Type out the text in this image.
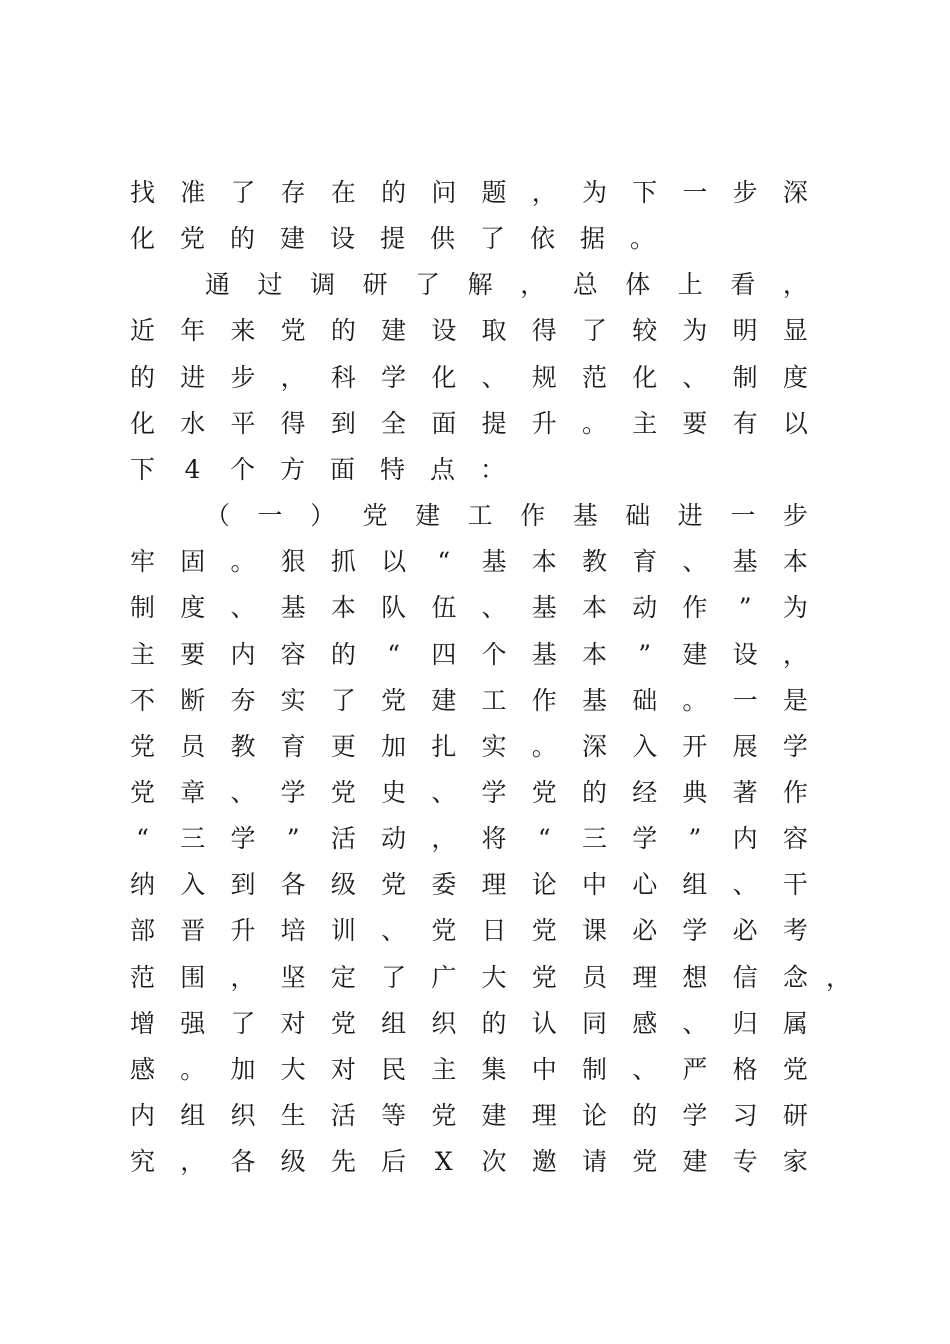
找 准 了 存 在 的 问 题 ， 为 下 一 步 深
化 党 的 建 设 提 供 了 依 据 。
通 过 调 研 了 解 ， 总 体 上 看 ，
近 年 来 党 的 建 设 取 得 了 较 为 明 显
的 进 步 ， 科 学 化 、 规 范 化 、 制 度
化 水 平 得 到 全 面 提 升 。 主 要 有 以
下 4 个 方 面 特 点 ：
（ 一 ） 党 建 工 作 基 础 进 一 步
牢 固 。 狠 抓 以 “ 基 本 教 育 、 基 本
制 度 、 基 本 队 伍 、 基 本 动 作 ” 为
主 要 内 容 的 “ 四 个 基 本 ” 建 设 ，
不 断 夯 实 了 党 建 工 作 基 础 。 一 是
党 员 教 育 更 加 扎 实 。 深 入 开 展 学
党 章 、 学 党 史 、 学 党 的 经 典 著 作
“ 三 学 ” 活 动 ， 将 “ 三 学 ” 内 容
纳 入 到 各 级 党 委 理 论 中 心 组 、 干
部 晋 升 培 训 、 党 日 党 课 必 学 必 考
范 围 ， 坚 定 了 广 大 党 员 理 想 信 念
增 强 了 对 党 组 织 的 认 同 感 、 归 属
感 。 加 大 对 民 主 集 中 制 、 严 格 党
内 组 织 生 活 等 党 建 理 论 的 学 习 研
究 ， 各 级 先 后 X 次 邀 请 党 建 专 家
，
